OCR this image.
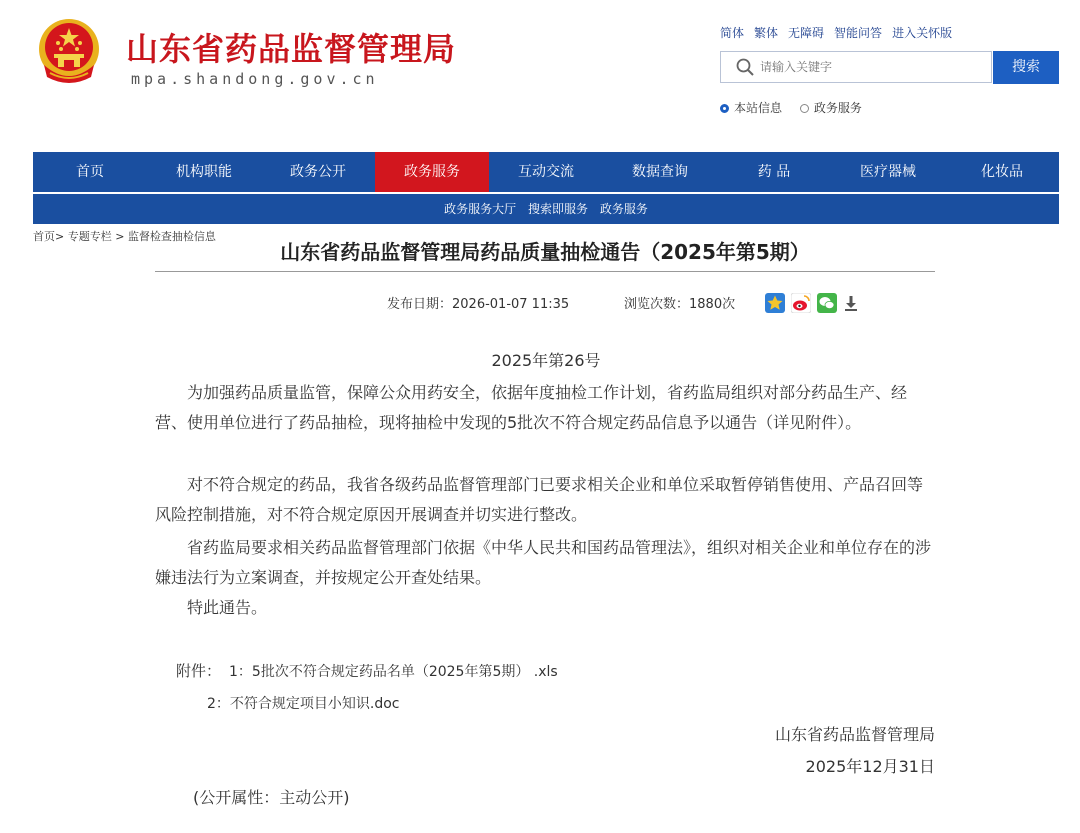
山东省药品监督管理局
mpa.shandong.gov.cn
简体 繁体 无障碍 智能问答 进入关怀版
请输入关键字
搜索
本站信息	政务服务
首页	机构职能	政务公开	政务服务	互动交流	数据查询	药 品	医疗器械	化妆品
政务服务大厅 搜索即服务 政务服务
首页> 专题专栏 > 监督检查抽检信息
山东省药品监督管理局药品质量抽检通告（2025年第5期）
发布日期：2026-01-07 11:35	浏览次数：1880次
2025年第26号
为加强药品质量监管，保障公众用药安全，依据年度抽检工作计划，省药监局组织对部分药品生产、经营、使用单位进行了药品抽检，现将抽检中发现的5批次不符合规定药品信息予以通告（详见附件）。
对不符合规定的药品，我省各级药品监督管理部门已要求相关企业和单位采取暂停销售使用、产品召回等风险控制措施，对不符合规定原因开展调查并切实进行整改。
省药监局要求相关药品监督管理部门依据《中华人民共和国药品管理法》，组织对相关企业和单位存在的涉嫌违法行为立案调查，并按规定公开查处结果。
特此通告。
附件： 1：5批次不符合规定药品名单（2025年第5期） .xls
2：不符合规定项目小知识.doc
山东省药品监督管理局
2025年12月31日
(公开属性：主动公开)
